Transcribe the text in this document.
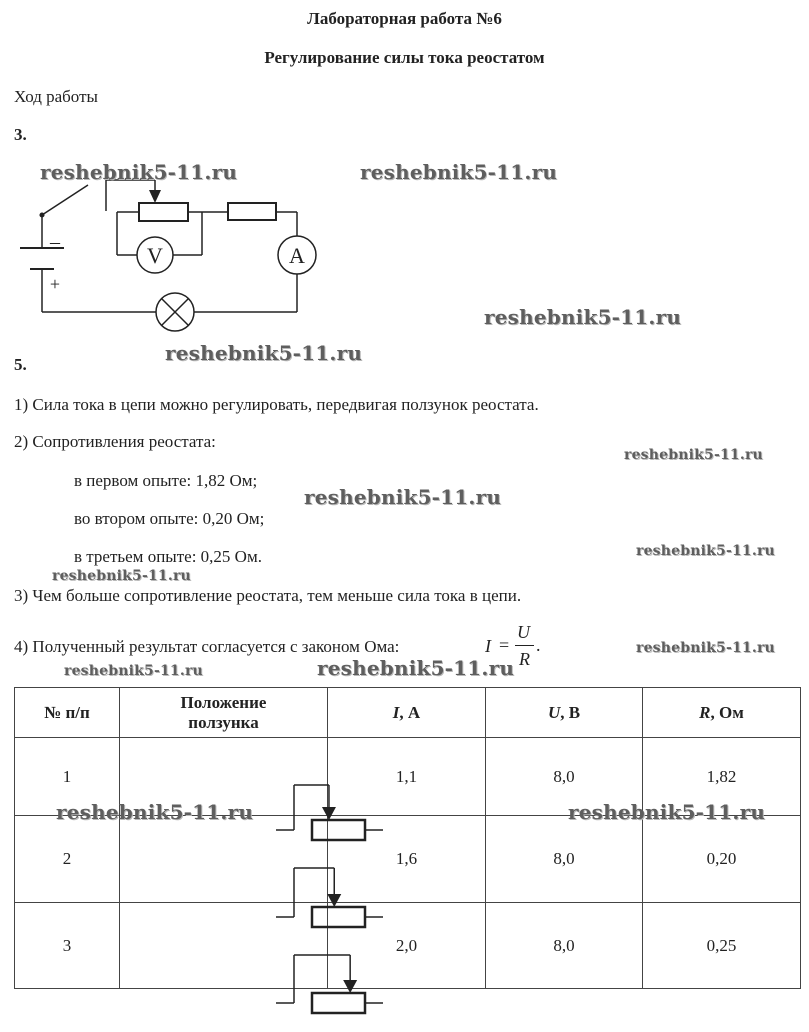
Лабораторная работа №6
Регулирование силы тока реостатом
Ход работы
3.
V	A
–
+
5.
1) Сила тока в цепи можно регулировать, передвигая ползунок реостата.
2) Сопротивления реостата:
в первом опыте: 1,82 Ом;
во втором опыте: 0,20 Ом;
в третьем опыте: 0,25 Ом.
3) Чем больше сопротивление реостата, тем меньше сила тока в цепи.
4) Полученный результат согласуется с законом Ома:	I =
U
R
.
№ п/п	Положение ползунка	I, А	U, В	R, Ом
1		1,1	8,0	1,82
2		1,6	8,0	0,20
3		2,0	8,0	0,25
reshebnik5-11.ru	reshebnik5-11.ru
reshebnik5-11.ru
reshebnik5-11.ru
reshebnik5-11.ru
reshebnik5-11.ru
reshebnik5-11.ru
reshebnik5-11.ru
reshebnik5-11.ru
reshebnik5-11.ru	reshebnik5-11.ru
reshebnik5-11.ru	reshebnik5-11.ru
